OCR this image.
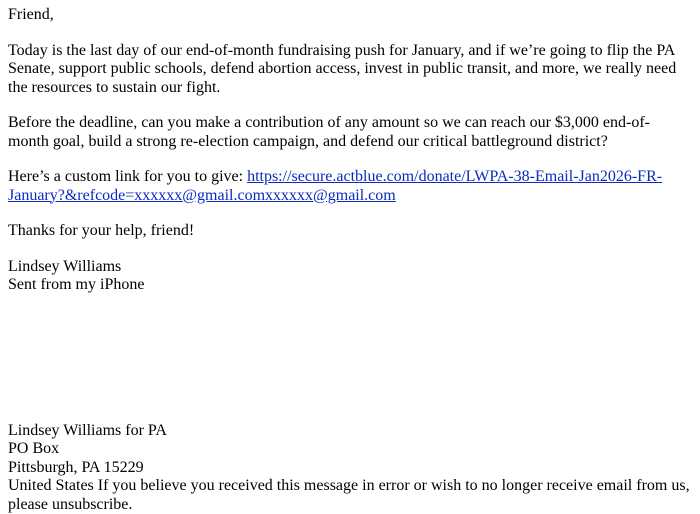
Friend,

Today is the last day of our end-of-month fundraising push for January, and if we’re going to flip the PA Senate, support public schools, defend abortion access, invest in public transit, and more, we really need the resources to sustain our fight.

Before the deadline, can you make a contribution of any amount so we can reach our $3,000 end-of-month goal, build a strong re-election campaign, and defend our critical battleground district?

Here’s a custom link for you to give: https://secure.actblue.com/donate/LWPA-38-Email-Jan2026-FR-January?&refcode=xxxxxx@gmail.comxxxxxx@gmail.com

Thanks for your help, friend!

Lindsey Williams
Sent from my iPhone

Lindsey Williams for PA

PO Box

Pittsburgh, PA 15229

United States If you believe you received this message in error or wish to no longer receive email from us, please unsubscribe.
